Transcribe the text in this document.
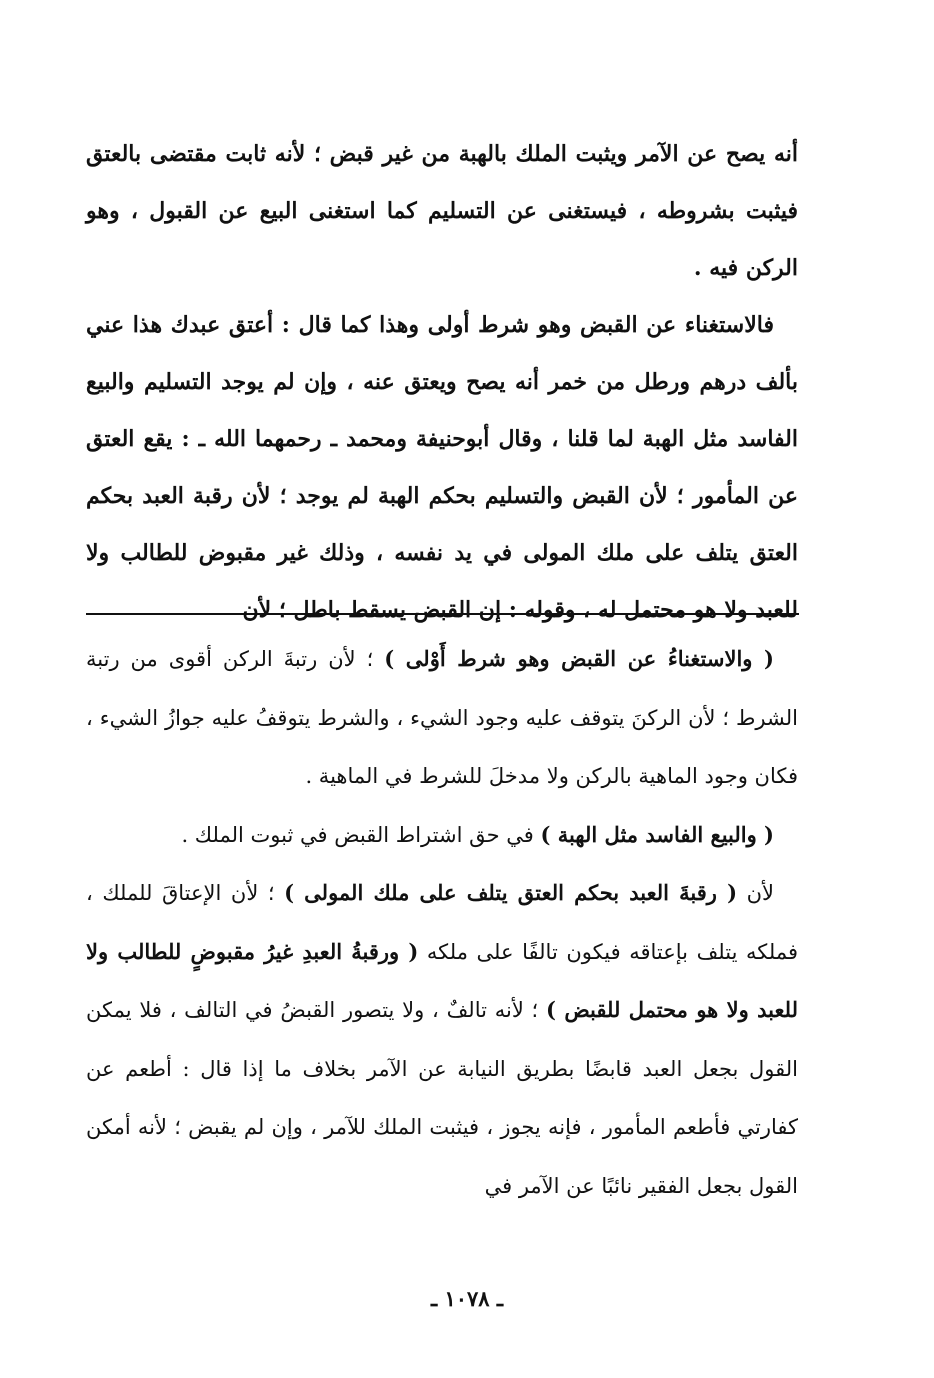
أنه يصح عن الآمر ويثبت الملك بالهبة من غير قبض ؛ لأنه ثابت مقتضى بالعتق فيثبت بشروطه ، فيستغنى عن التسليم كما استغنى البيع عن القبول ، وهو الركن فيه .

فالاستغناء عن القبض وهو شرط أولى وهذا كما قال : أعتق عبدك هذا عني بألف درهم ورطل من خمر أنه يصح ويعتق عنه ، وإن لم يوجد التسليم والبيع الفاسد مثل الهبة لما قلنا ، وقال أبوحنيفة ومحمد ـ رحمهما الله ـ : يقع العتق عن المأمور ؛ لأن القبض والتسليم بحكم الهبة لم يوجد ؛ لأن رقبة العبد بحكم العتق يتلف على ملك المولى في يد نفسه ، وذلك غير مقبوض للطالب ولا للعبد ولا هو محتمل له ، وقوله : إن القبض يسقط باطل ؛ لأن

( والاستغناءُ عن القبض وهو شرط أَوْلى ) ؛ لأن رتبةَ الركن أقوى من رتبة الشرط ؛ لأن الركنَ يتوقف عليه وجود الشيء ، والشرط يتوقفُ عليه جوازُ الشيء ، فكان وجود الماهية بالركن ولا مدخلَ للشرط في الماهية .

( والبيع الفاسد مثل الهبة ) في حق اشتراط القبض في ثبوت الملك .

لأن ( رقبةَ العبد بحكم العتق يتلف على ملك المولى ) ؛ لأن الإعتاقَ للملك ، فملكه يتلف بإعتاقه فيكون تالفًا على ملكه ( ورقبةُ العبدِ غيرُ مقبوضٍ للطالب ولا للعبد ولا هو محتمل للقبض ) ؛ لأنه تالفٌ ، ولا يتصور القبضُ في التالف ، فلا يمكن القول بجعل العبد قابضًا بطريق النيابة عن الآمر بخلاف ما إذا قال : أطعم عن كفارتي فأطعم المأمور ، فإنه يجوز ، فيثبت الملك للآمر ، وإن لم يقبض ؛ لأنه أمكن القول بجعل الفقير نائبًا عن الآمر في

ـ ١٠٧٨ ـ
